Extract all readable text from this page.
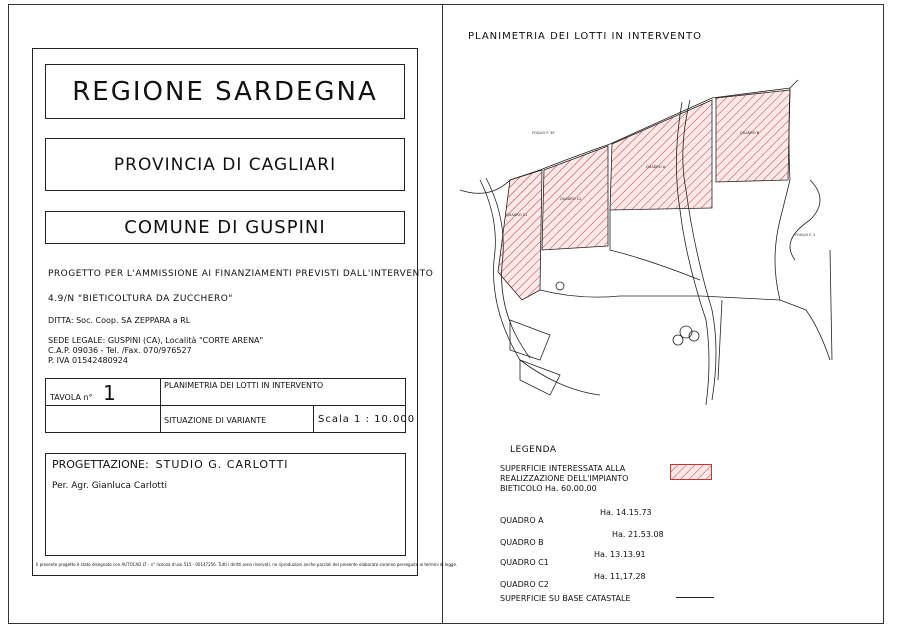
REGIONE SARDEGNA
PROVINCIA DI CAGLIARI
COMUNE DI GUSPINI
PROGETTO PER L'AMMISSIONE AI FINANZIAMENTI PREVISTI DALL'INTERVENTO
4.9/N "BIETICOLTURA DA ZUCCHERO"
DITTA: Soc. Coop. SA ZEPPARA a RL
SEDE LEGALE: GUSPINI (CA), Località "CORTE ARENA"
C.A.P. 09036 - Tel. /Fax. 070/976527
P. IVA 01542480924
TAVOLA n° 1	PLANIMETRIA DEI LOTTI IN INTERVENTO
SITUAZIONE DI VARIANTE	Scala 1 : 10.000
PROGETTAZIONE: STUDIO G. CARLOTTI
Per. Agr. Gianluca Carlotti
Il presente progetto è stato disegnato con AUTOCAD LT - n° licenza d'uso 515 - 00147256. Tutti i diritti sono riservati, ne riproduzioni anche parziali del presente elaborato saranno perseguite ai termini di legge.
PLANIMETRIA DEI LOTTI IN INTERVENTO
FOGLIO F. 39
FOGLIO F. 1
QUADRO A
QUADRO B
QUADRO C1
QUADRO C2
LEGENDA
SUPERFICIE INTERESSATA ALLA
REALIZZAZIONE DELL'IMPIANTO
BIETICOLO Ha. 60.00.00
QUADRO A
Ha. 14.15.73
QUADRO B
Ha. 21.53.08
QUADRO C1
Ha. 13.13.91
QUADRO C2
Ha. 11,17.28
SUPERFICIE SU BASE CATASTALE
